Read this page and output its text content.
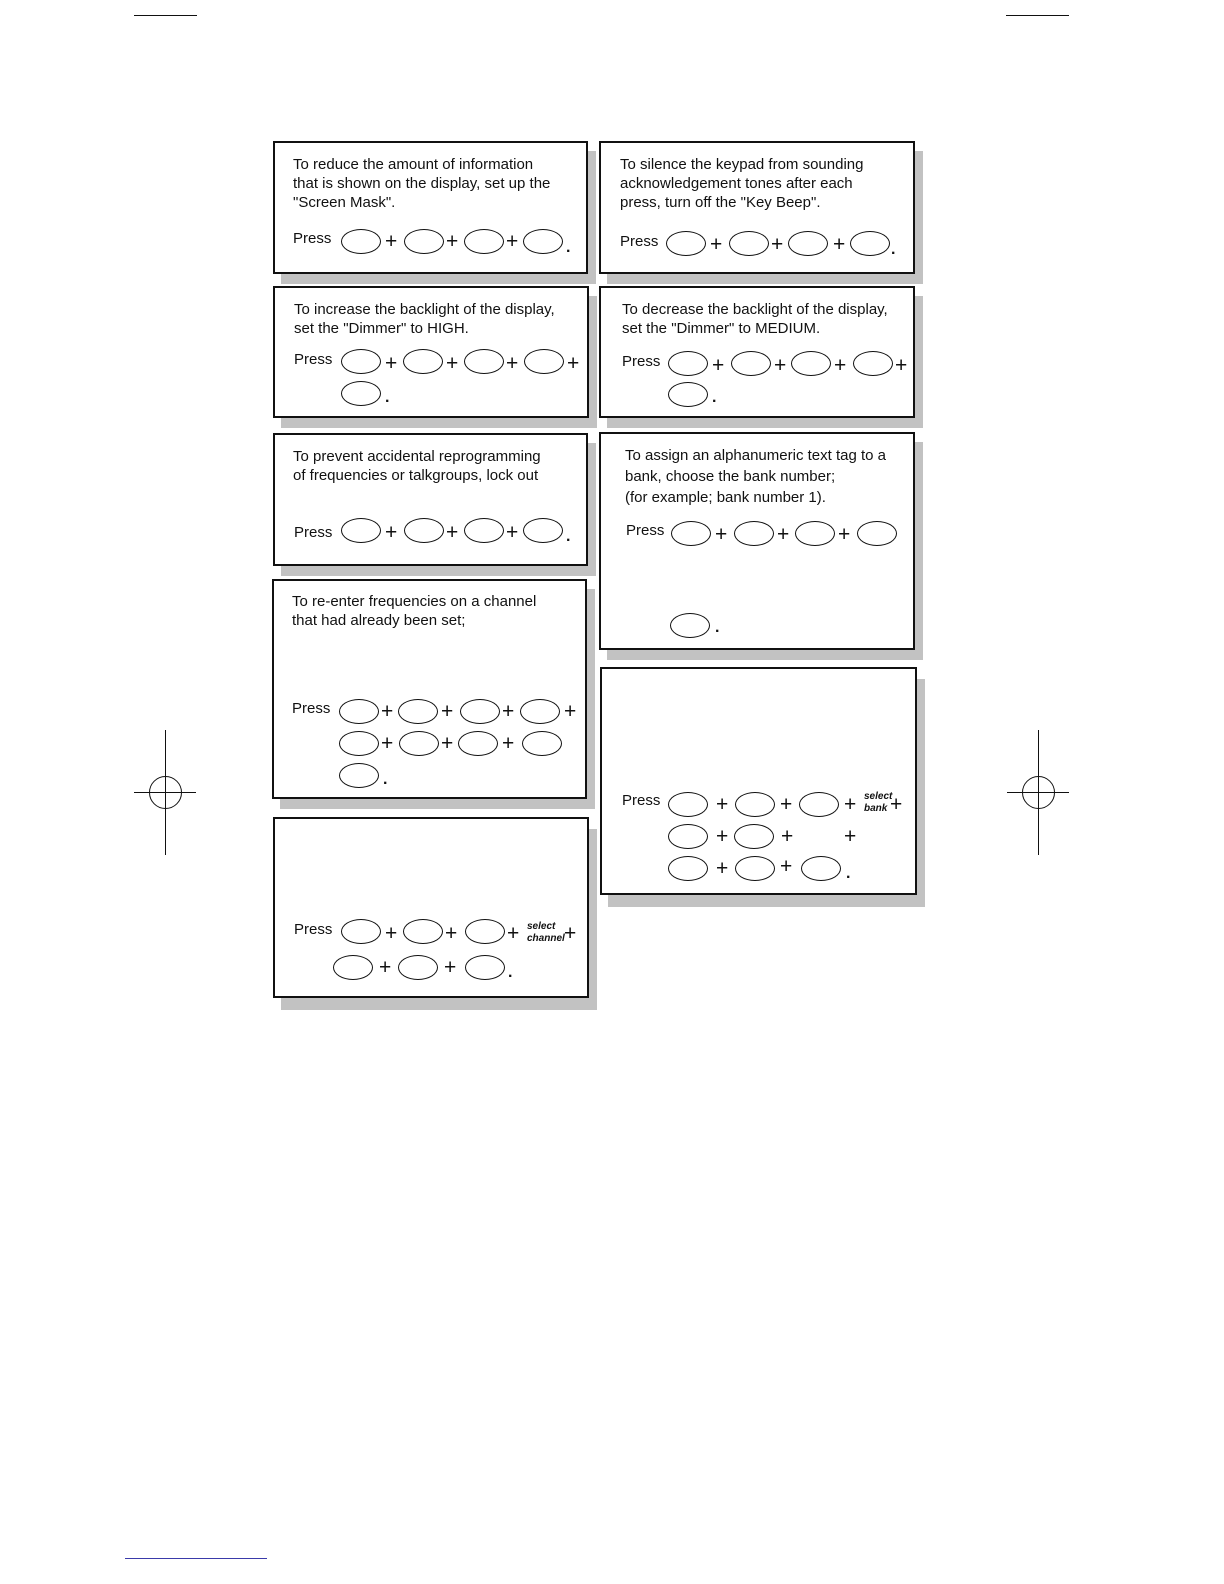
To reduce the amount of information
that is shown on the display, set up the
"Screen Mask".
Press	+ + +	.
To silence the keypad from sounding
acknowledgement tones after each
press, turn off the "Key Beep".
Press + + +	.
To increase the backlight of the display,
set the "Dimmer" to HIGH.
Press	+ + + +
.
To decrease the backlight of the display,
set the "Dimmer" to MEDIUM.
Press + + + +
.
To prevent accidental reprogramming
of frequencies or talkgroups, lock out
Press	+ + +	.
To assign an alphanumeric text tag to a
bank, choose the bank number;
(for example; bank number 1).
Press + + +
.
To re-enter frequencies on a channel
that had already been set;
Press + + + +
+ + +
.
Press	+ + + select
channel +
+	+	.
Press	+ + + select
bank +
+	+ +
+ +	.
